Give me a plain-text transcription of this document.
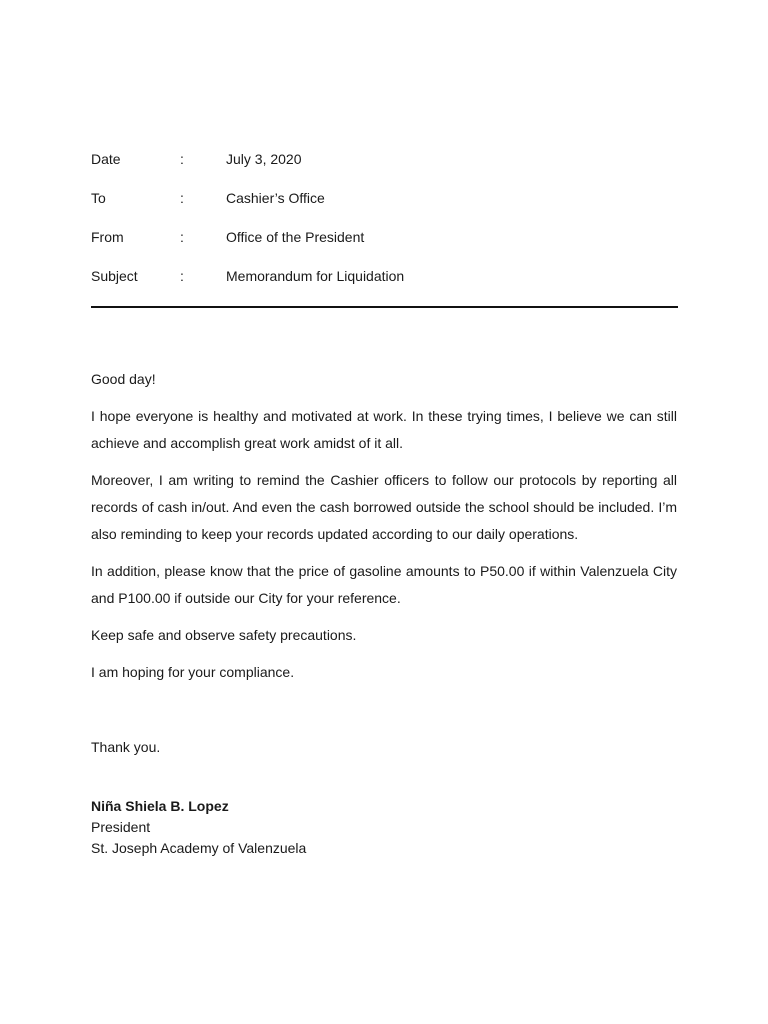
Date	:	July 3, 2020
To	:	Cashier’s Office
From	:	Office of the President
Subject	:	Memorandum for Liquidation

Good day!

I hope everyone is healthy and motivated at work. In these trying times, I believe we can still achieve and accomplish great work amidst of it all.

Moreover, I am writing to remind the Cashier officers to follow our protocols by reporting all records of cash in/out. And even the cash borrowed outside the school should be included. I’m also reminding to keep your records updated according to our daily operations.

In addition, please know that the price of gasoline amounts to P50.00 if within Valenzuela City and P100.00 if outside our City for your reference.

Keep safe and observe safety precautions.

I am hoping for your compliance.

Thank you.

Niña Shiela B. Lopez
President
St. Joseph Academy of Valenzuela
